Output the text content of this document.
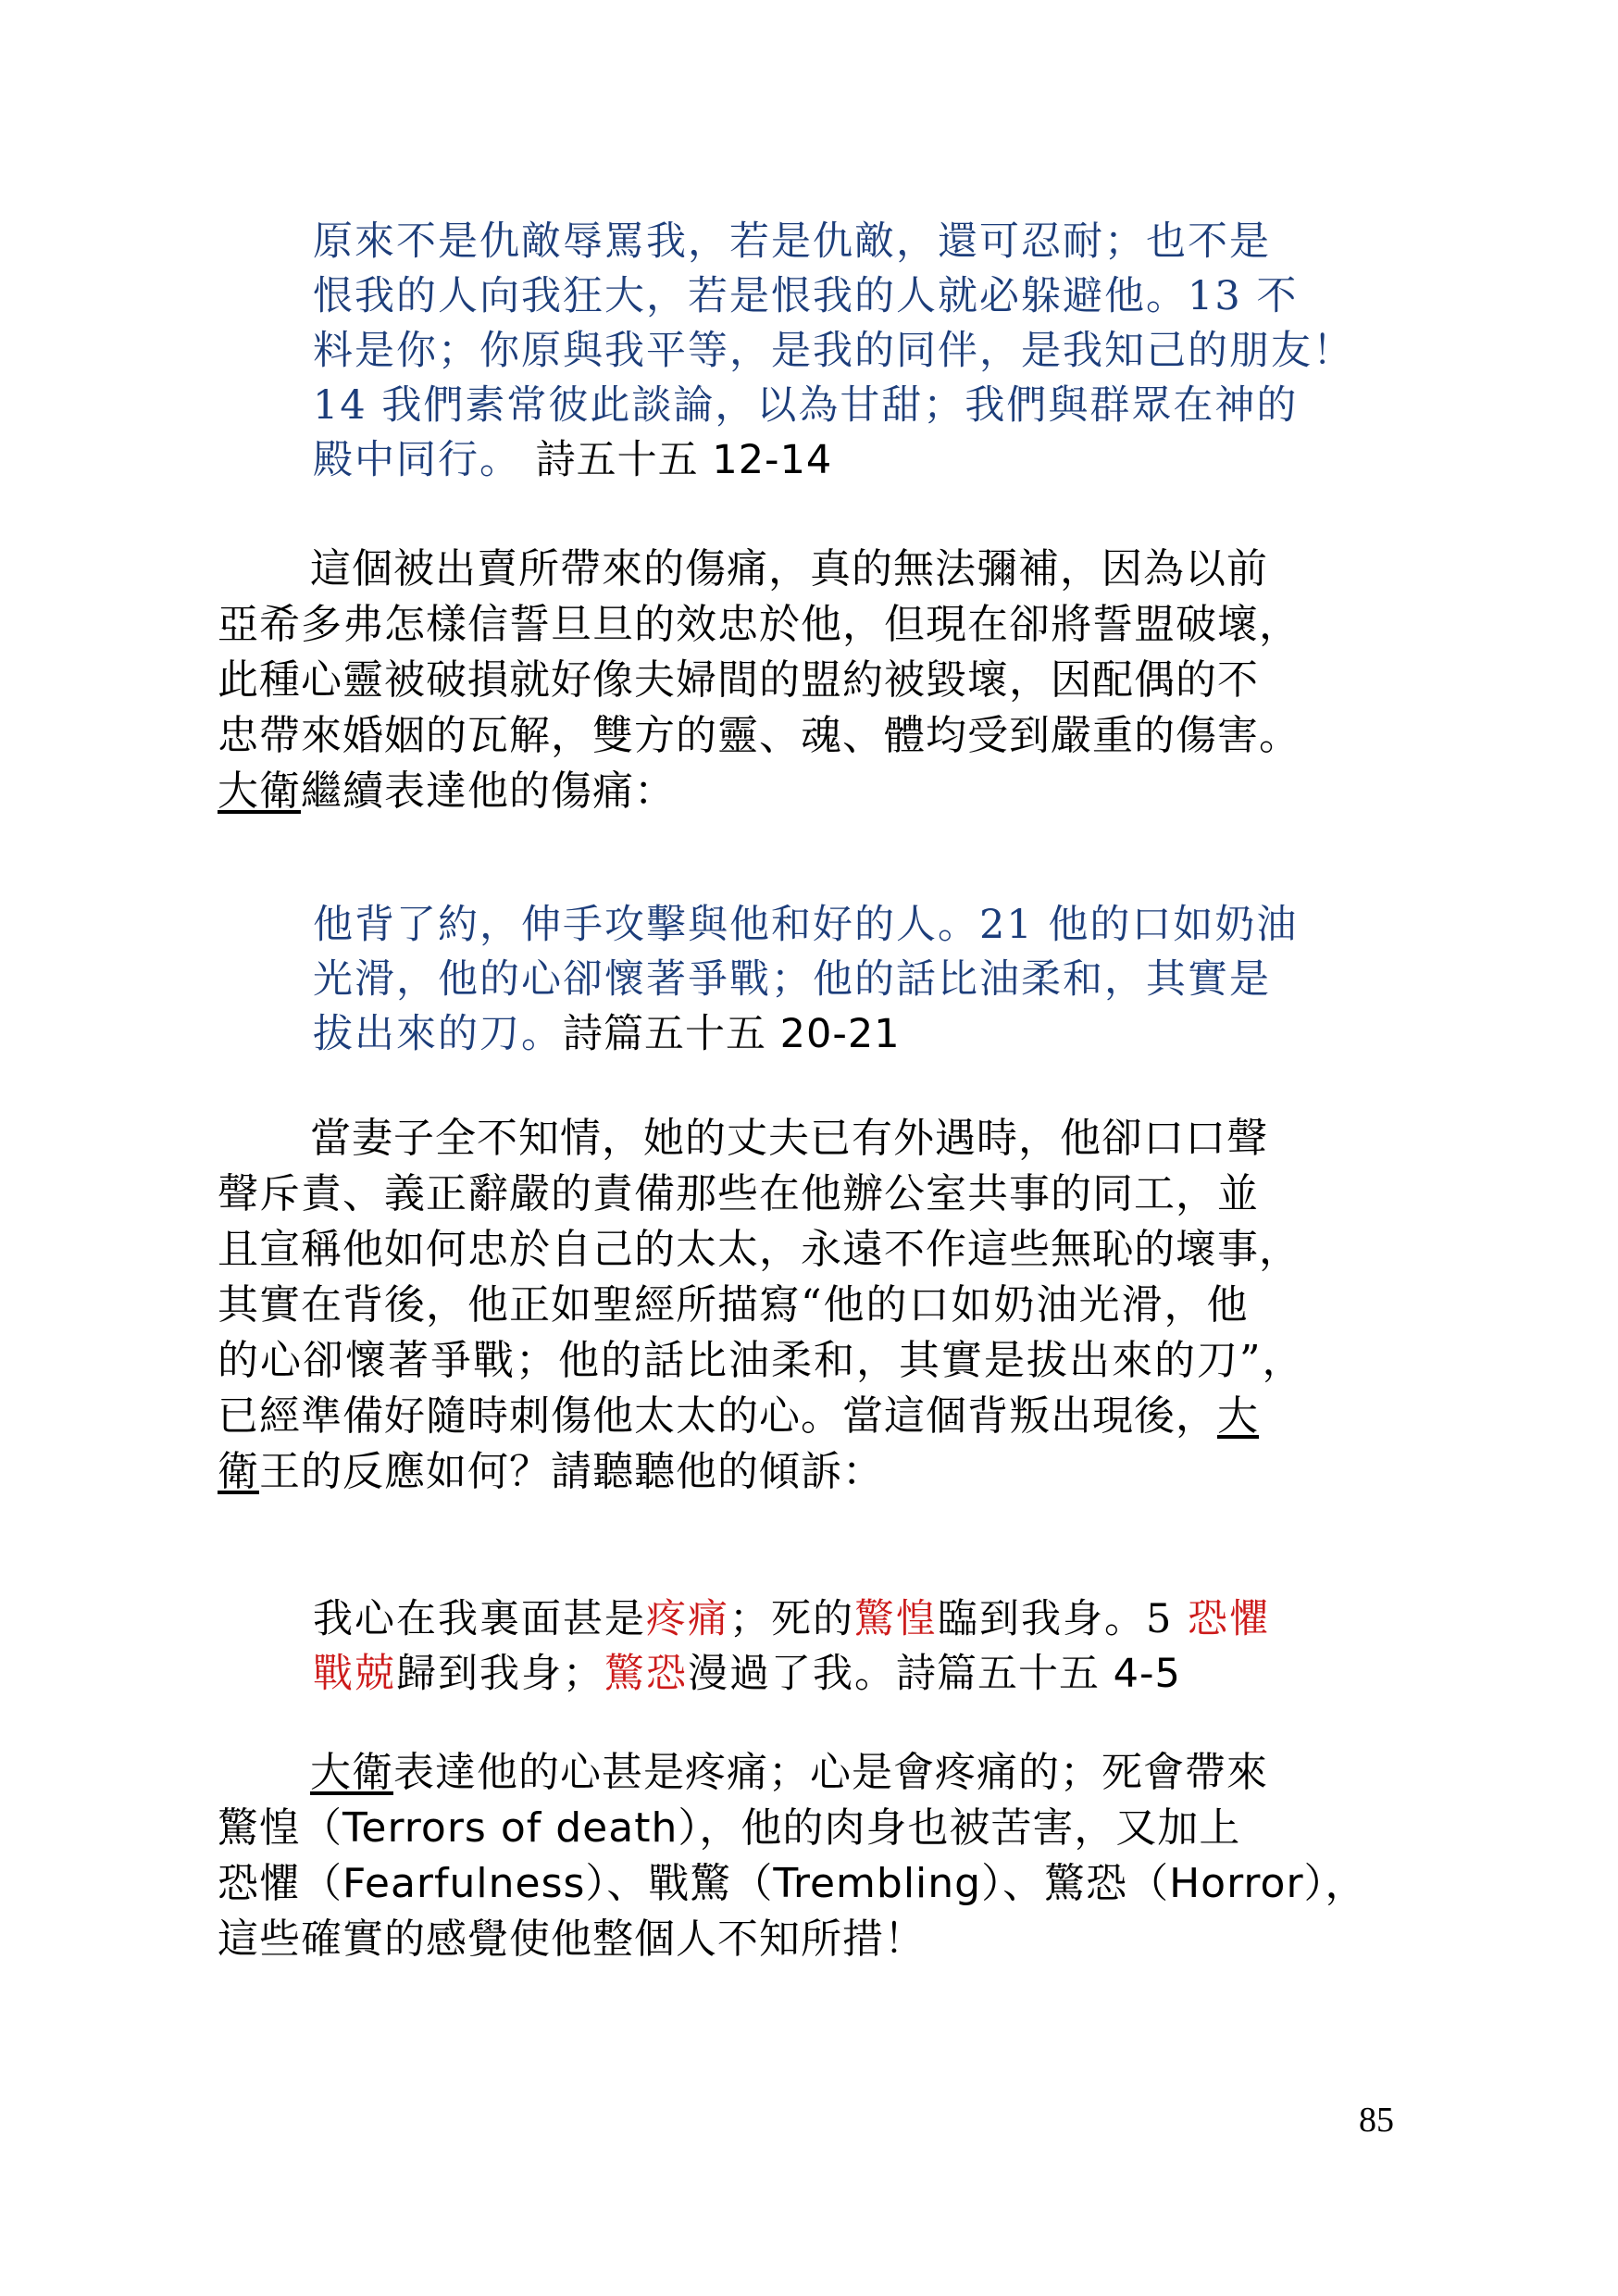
原來不是仇敵辱罵我，若是仇敵，還可忍耐；也不是
恨我的人向我狂大，若是恨我的人就必躲避他。13 不
料是你；你原與我平等，是我的同伴，是我知己的朋友！
14 我們素常彼此談論，以為甘甜；我們與群眾在神的
殿中同行。 詩五十五 12-14
這個被出賣所帶來的傷痛，真的無法彌補，因為以前
亞希多弗怎樣信誓旦旦的效忠於他，但現在卻將誓盟破壞，
此種心靈被破損就好像夫婦間的盟約被毀壞，因配偶的不
忠帶來婚姻的瓦解，雙方的靈、魂、體均受到嚴重的傷害。
大衛繼續表達他的傷痛：
他背了約，伸手攻擊與他和好的人。21 他的口如奶油
光滑，他的心卻懷著爭戰；他的話比油柔和，其實是
拔出來的刀。詩篇五十五 20-21
當妻子全不知情，她的丈夫已有外遇時，他卻口口聲
聲斥責、義正辭嚴的責備那些在他辦公室共事的同工，並
且宣稱他如何忠於自己的太太，永遠不作這些無恥的壞事，
其實在背後，他正如聖經所描寫“他的口如奶油光滑，他
的心卻懷著爭戰；他的話比油柔和，其實是拔出來的刀”，
已經準備好隨時刺傷他太太的心。當這個背叛出現後，大
衛王的反應如何？請聽聽他的傾訴：
我心在我裏面甚是疼痛；死的驚惶臨到我身。5 恐懼
戰兢歸到我身；驚恐漫過了我。詩篇五十五 4-5
大衛表達他的心甚是疼痛；心是會疼痛的；死會帶來
驚惶（Terrors of death），他的肉身也被苦害，又加上
恐懼（Fearfulness）、戰驚（Trembling）、驚恐（Horror），
這些確實的感覺使他整個人不知所措！
85
